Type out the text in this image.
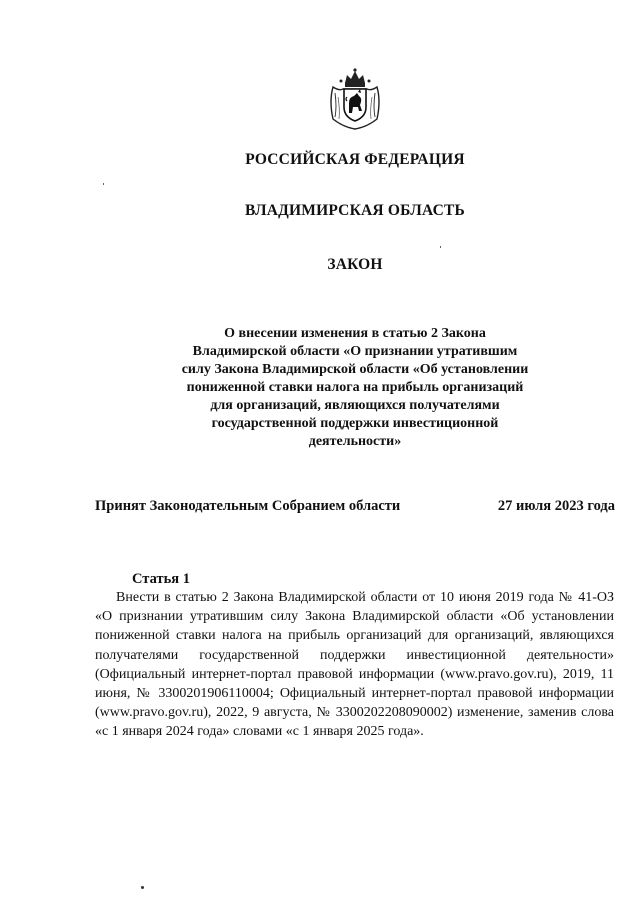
РОССИЙСКАЯ ФЕДЕРАЦИЯ
ВЛАДИМИРСКАЯ ОБЛАСТЬ
ЗАКОН
О внесении изменения в статью 2 Закона Владимирской области «О признании утратившим силу Закона Владимирской области «Об установлении пониженной ставки налога на прибыль организаций для организаций, являющихся получателями государственной поддержки инвестиционной деятельности»
Принят Законодательным Собранием области	27 июля 2023 года
Статья 1
Внести в статью 2 Закона Владимирской области от 10 июня 2019 года № 41-ОЗ «О признании утратившим силу Закона Владимирской области «Об установлении пониженной ставки налога на прибыль организаций для организаций, являющихся получателями государственной поддержки инвестиционной деятельности» (Официальный интернет-портал правовой информации (www.pravo.gov.ru), 2019, 11 июня, № 3300201906110004; Официальный интернет-портал правовой информации (www.pravo.gov.ru), 2022, 9 августа, № 3300202208090002) изменение, заменив слова «с 1 января 2024 года» словами «с 1 января 2025 года».
